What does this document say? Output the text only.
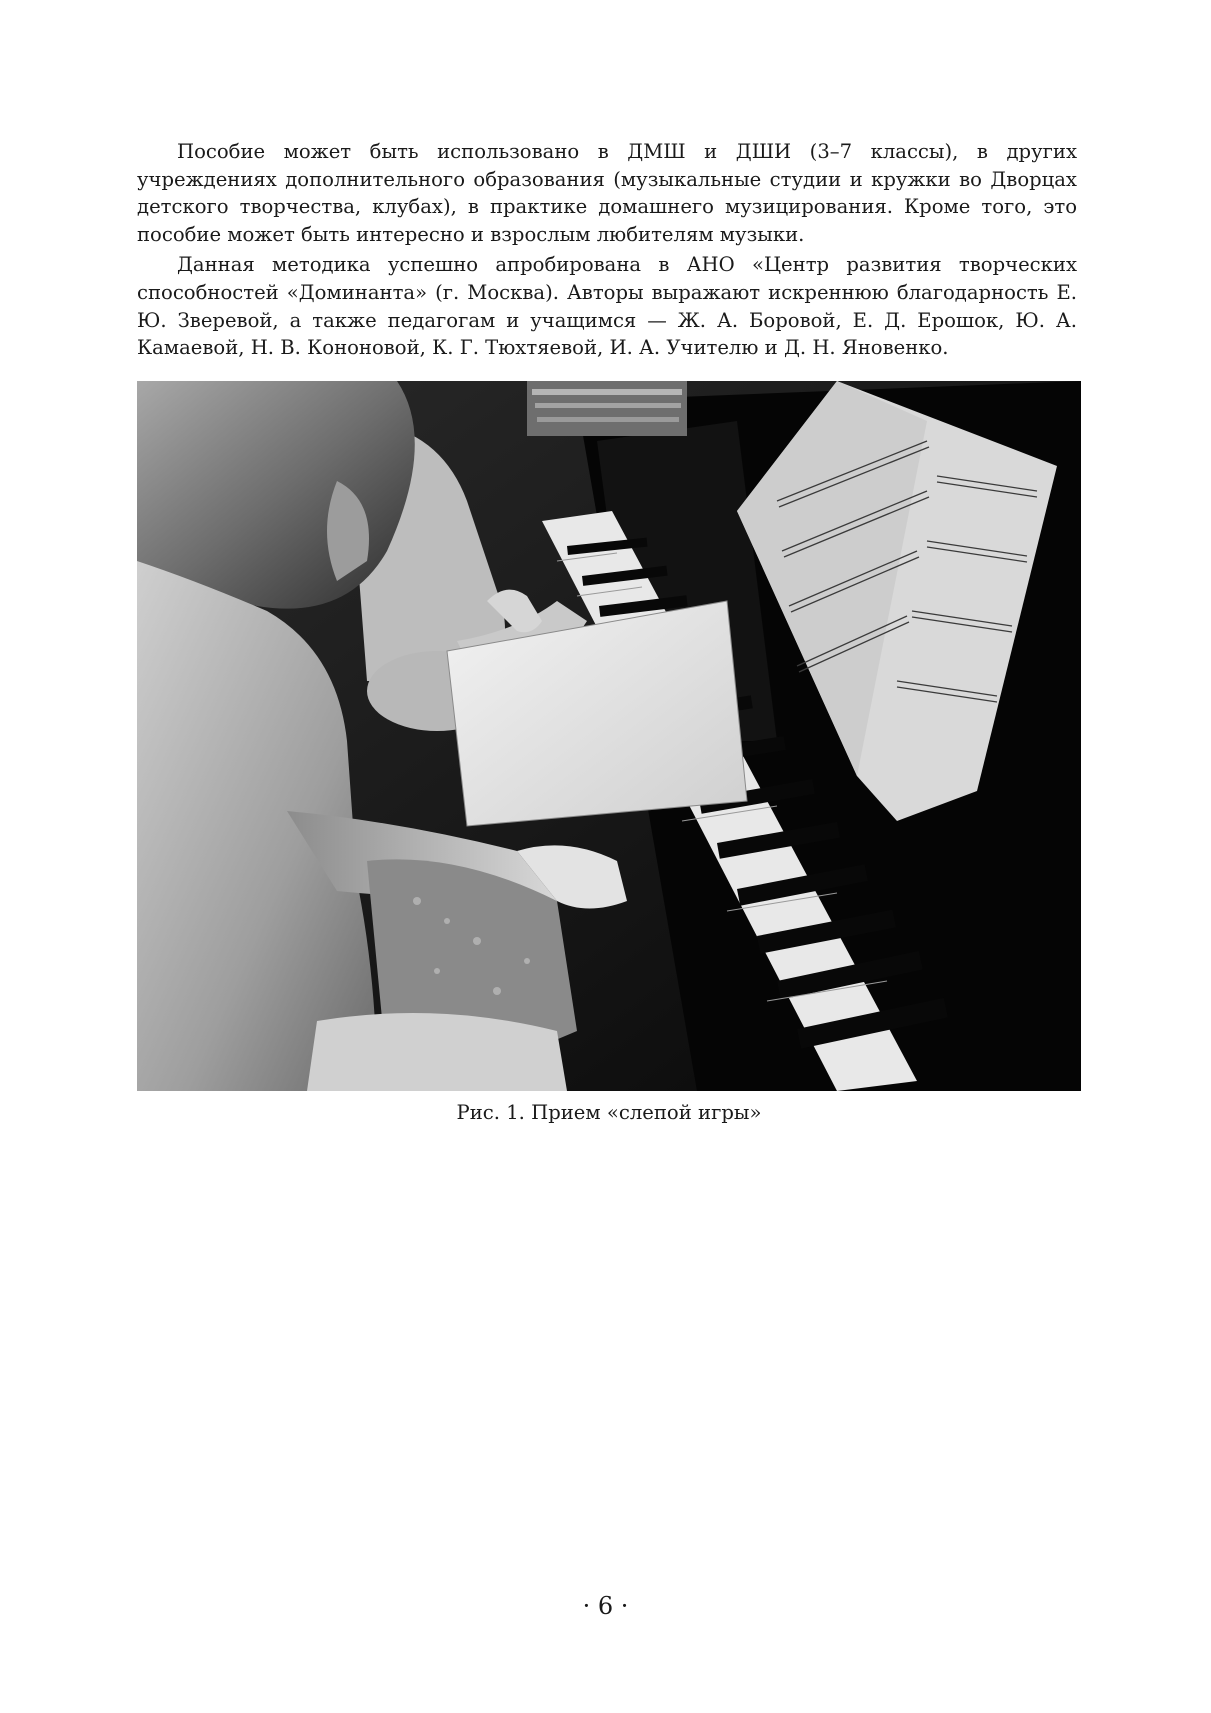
Пособие может быть использовано в ДМШ и ДШИ (3–7 классы), в других учреждениях дополнительного образования (музыкальные студии и кружки во Дворцах детского творчества, клубах), в практике домашнего музицирования. Кроме того, это пособие может быть интересно и взрослым любителям музыки.

Данная методика успешно апробирована в АНО «Центр развития творческих способностей «Доминанта» (г. Москва). Авторы выражают искреннюю благодарность Е. Ю. Зверевой, а также педагогам и учащимся — Ж. А. Боровой, Е. Д. Ерошок, Ю. А. Камаевой, Н. В. Кононовой, К. Г. Тюхтяевой, И. А. Учителю и Д. Н. Яновенко.

Рис. 1. Прием «слепой игры»
· 6 ·
